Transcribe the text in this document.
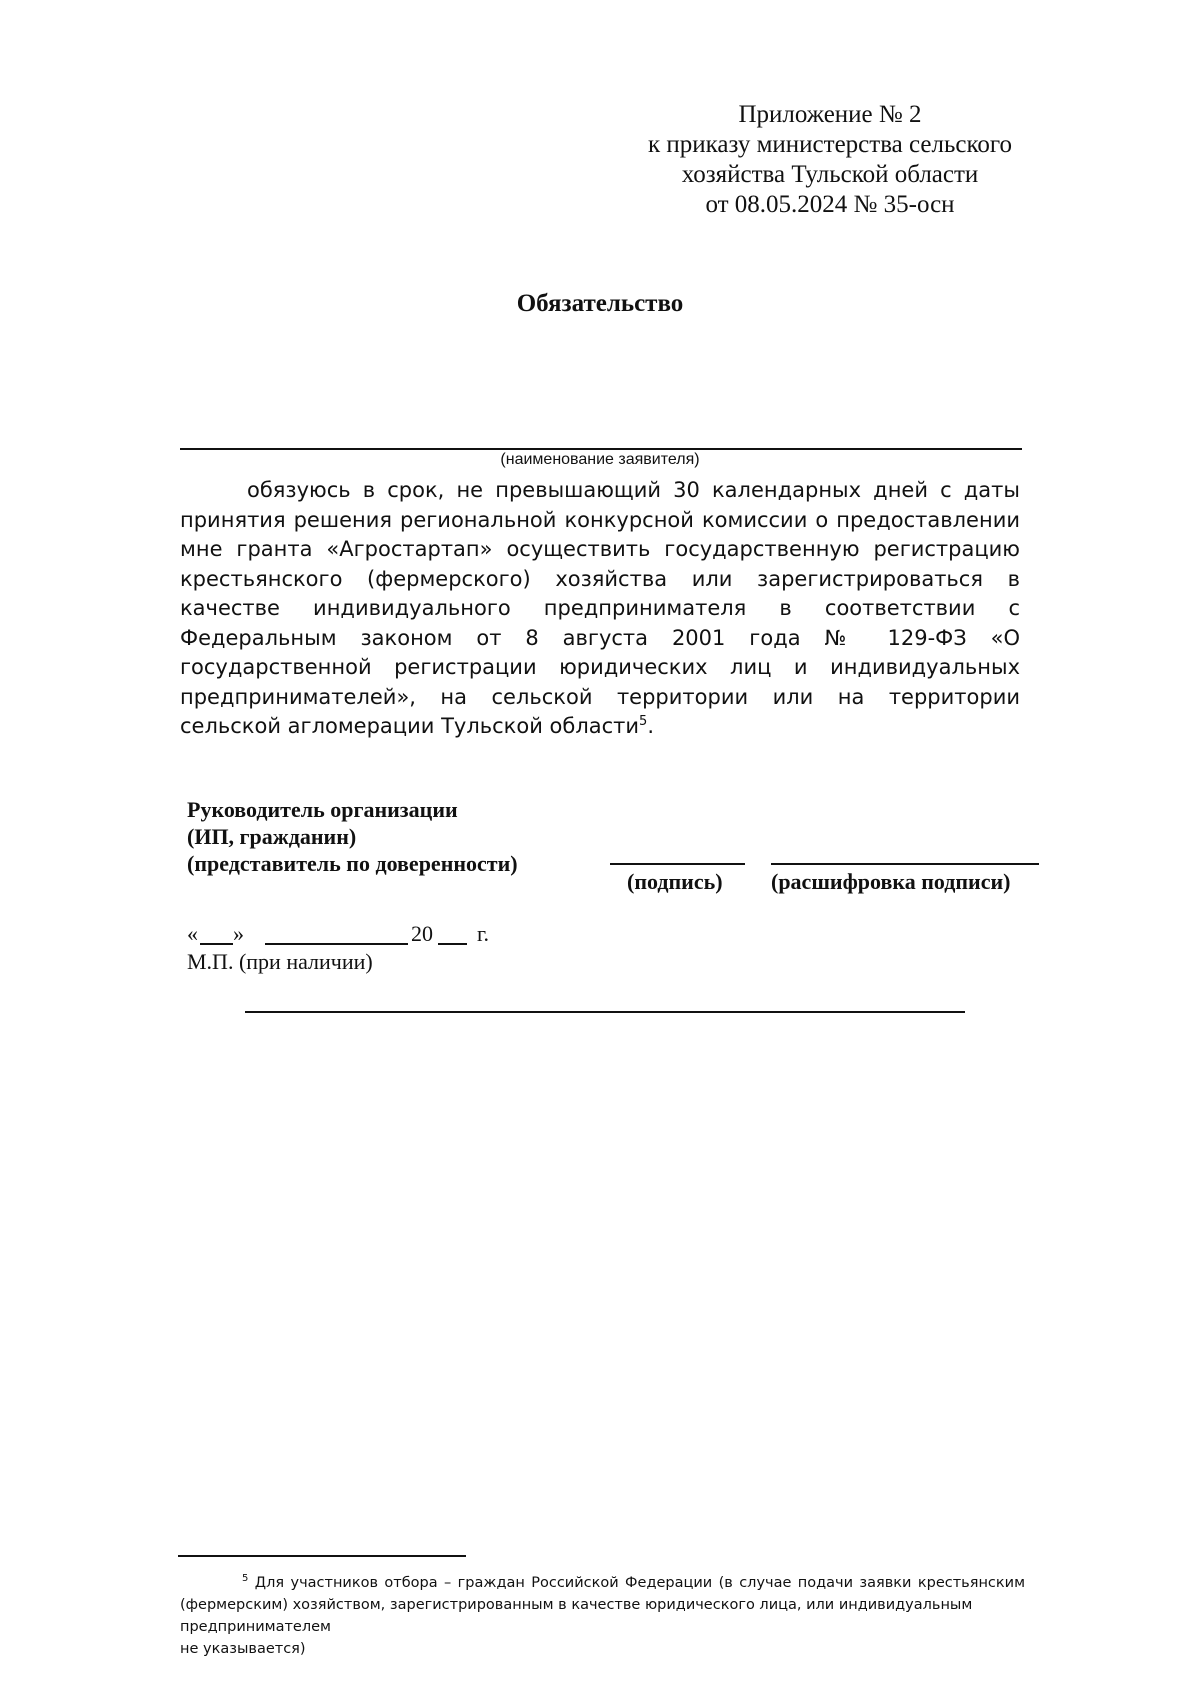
Приложение № 2
к приказу министерства сельского
хозяйства Тульской области
от 08.05.2024 № 35-осн
Обязательство
(наименование заявителя)
обязуюсь в срок, не превышающий 30 календарных дней с даты принятия решения региональной конкурсной комиссии о предоставлении мне гранта «Агростартап» осуществить государственную регистрацию крестьянского (фермерского) хозяйства или зарегистрироваться в качестве индивидуального предпринимателя в соответствии с Федеральным законом от 8 августа 2001 года № 129-ФЗ «О государственной регистрации юридических лиц и индивидуальных предпринимателей», на сельской территории или на территории сельской агломерации Тульской области$^5$.
Руководитель организации
(ИП, гражданин)
(представитель по доверенности)
(подпись) (расшифровка подписи)
« »	20 г.
М.П. (при наличии)
$^5$ Для участников отбора – граждан Российской Федерации (в случае подачи заявки крестьянским (фермерским) хозяйством, зарегистрированным в качестве юридического лица, или индивидуальным
предпринимателем
не указывается)
